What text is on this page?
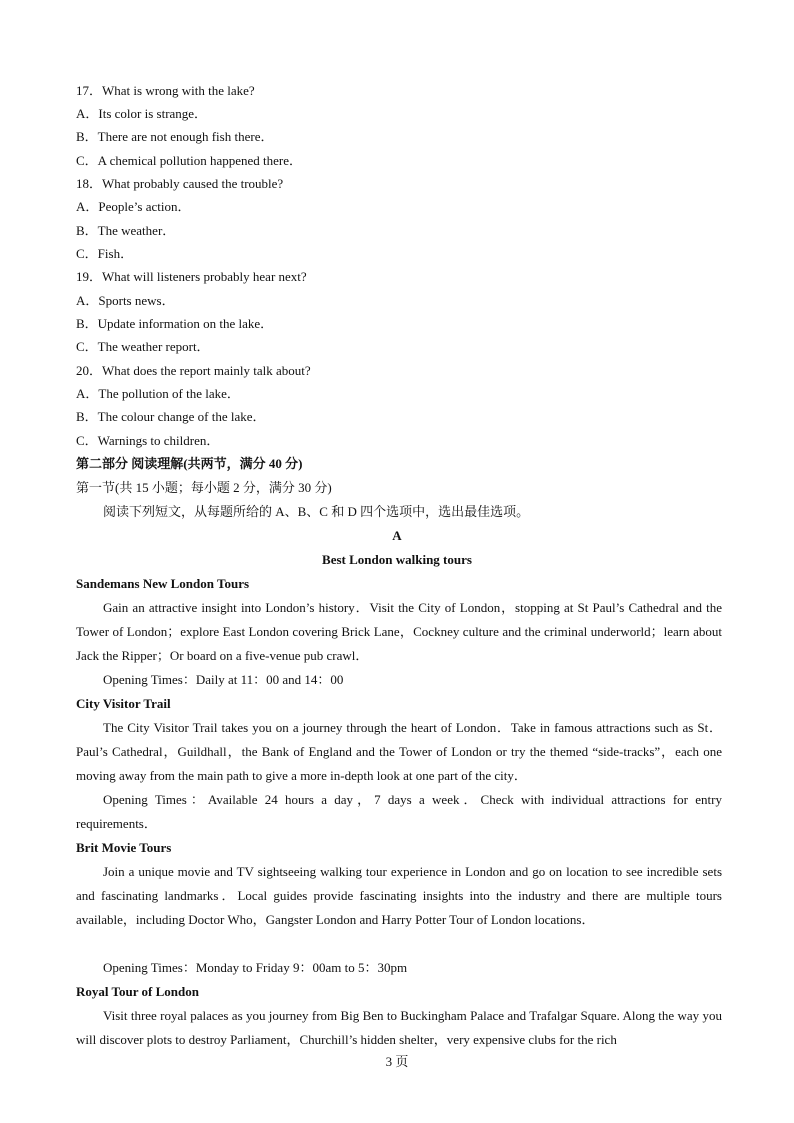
17．What is wrong with the lake?
A．Its color is strange．
B．There are not enough fish there．
C．A chemical pollution happened there．
18．What probably caused the trouble?
A．People’s action．
B．The weather．
C．Fish．
19．What will listeners probably hear next?
A．Sports news．
B．Update information on the lake．
C．The weather report．
20．What does the report mainly talk about?
A．The pollution of the lake．
B．The colour change of the lake．
C．Warnings to children．
第二部分 阅读理解(共两节，满分 40 分)
第一节(共 15 小题；每小题 2 分，满分 30 分)
阅读下列短文，从每题所给的 A、B、C 和 D 四个选项中，选出最佳选项。
A
Best London walking tours
Sandemans New London Tours
Gain an attractive insight into London’s history．Visit the City of London，stopping at St Paul’s Cathedral and the Tower of London；explore East London covering Brick Lane，Cockney culture and the criminal underworld；learn about Jack the Ripper；Or board on a five-venue pub crawl．
Opening Times：Daily at 11：00 and 14：00
City Visitor Trail
The City Visitor Trail takes you on a journey through the heart of London．Take in famous attractions such as St．Paul’s Cathedral，Guildhall，the Bank of England and the Tower of London or try the themed “side-tracks”，each one moving away from the main path to give a more in-depth look at one part of the city．
Opening Times：Available 24 hours a day，7 days a week．Check with individual attractions for entry requirements．
Brit Movie Tours
Join a unique movie and TV sightseeing walking tour experience in London and go on location to see incredible sets and fascinating landmarks．Local guides provide fascinating insights into the industry and there are multiple tours available，including Doctor Who，Gangster London and Harry Potter Tour of London locations．
Opening Times：Monday to Friday 9：00am to 5：30pm
Royal Tour of London
Visit three royal palaces as you journey from Big Ben to Buckingham Palace and Trafalgar Square. Along the way you will discover plots to destroy Parliament，Churchill’s hidden shelter，very expensive clubs for the rich
3 页
